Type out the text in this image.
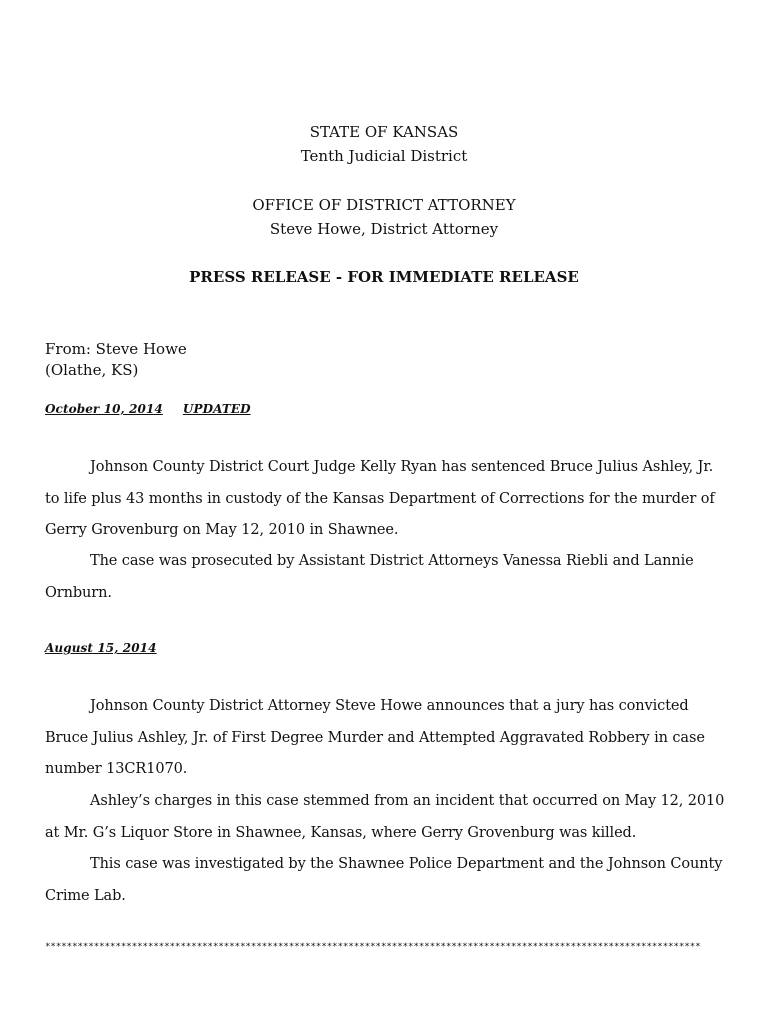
STATE OF KANSAS
Tenth Judicial District
OFFICE OF DISTRICT ATTORNEY
Steve Howe, District Attorney
PRESS RELEASE - FOR IMMEDIATE RELEASE
From: Steve Howe
(Olathe, KS)
October 10, 2014 UPDATED
Johnson County District Court Judge Kelly Ryan has sentenced Bruce Julius Ashley, Jr. to life plus 43 months in custody of the Kansas Department of Corrections for the murder of Gerry Grovenburg on May 12, 2010 in Shawnee.
The case was prosecuted by Assistant District Attorneys Vanessa Riebli and Lannie Ornburn.
August 15, 2014
Johnson County District Attorney Steve Howe announces that a jury has convicted Bruce Julius Ashley, Jr. of First Degree Murder and Attempted Aggravated Robbery in case number 13CR1070.
Ashley’s charges in this case stemmed from an incident that occurred on May 12, 2010 at Mr. G’s Liquor Store in Shawnee, Kansas, where Gerry Grovenburg was killed.
This case was investigated by the Shawnee Police Department and the Johnson County Crime Lab.
*************************************************************************************************************************
